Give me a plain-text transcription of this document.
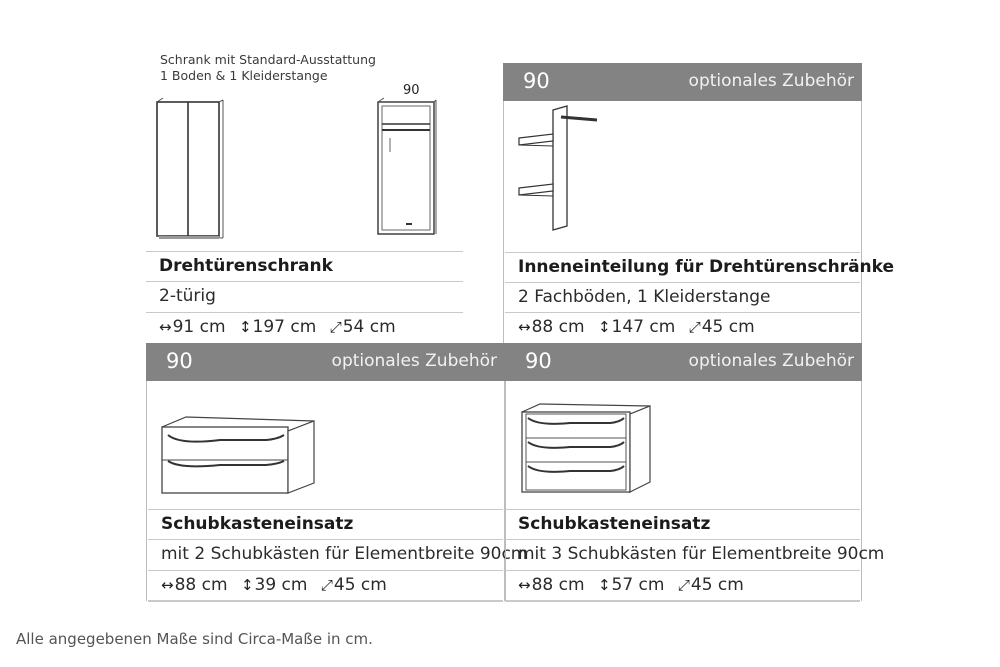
Schrank mit Standard-Ausstattung
1 Boden & 1 Kleiderstange
90
Drehtürenschrank
2-türig
↔91 cm ↕197 cm ⤢54 cm
90	optionales Zubehör
Inneneinteilung für Drehtürenschränke
2 Fachböden, 1 Kleiderstange
↔88 cm ↕147 cm ⤢45 cm
90	optionales Zubehör
Schubkasteneinsatz
mit 2 Schubkästen für Elementbreite 90cm
↔88 cm ↕39 cm ⤢45 cm
90	optionales Zubehör
Schubkasteneinsatz
mit 3 Schubkästen für Elementbreite 90cm
↔88 cm ↕57 cm ⤢45 cm
Alle angegebenen Maße sind Circa-Maße in cm.
